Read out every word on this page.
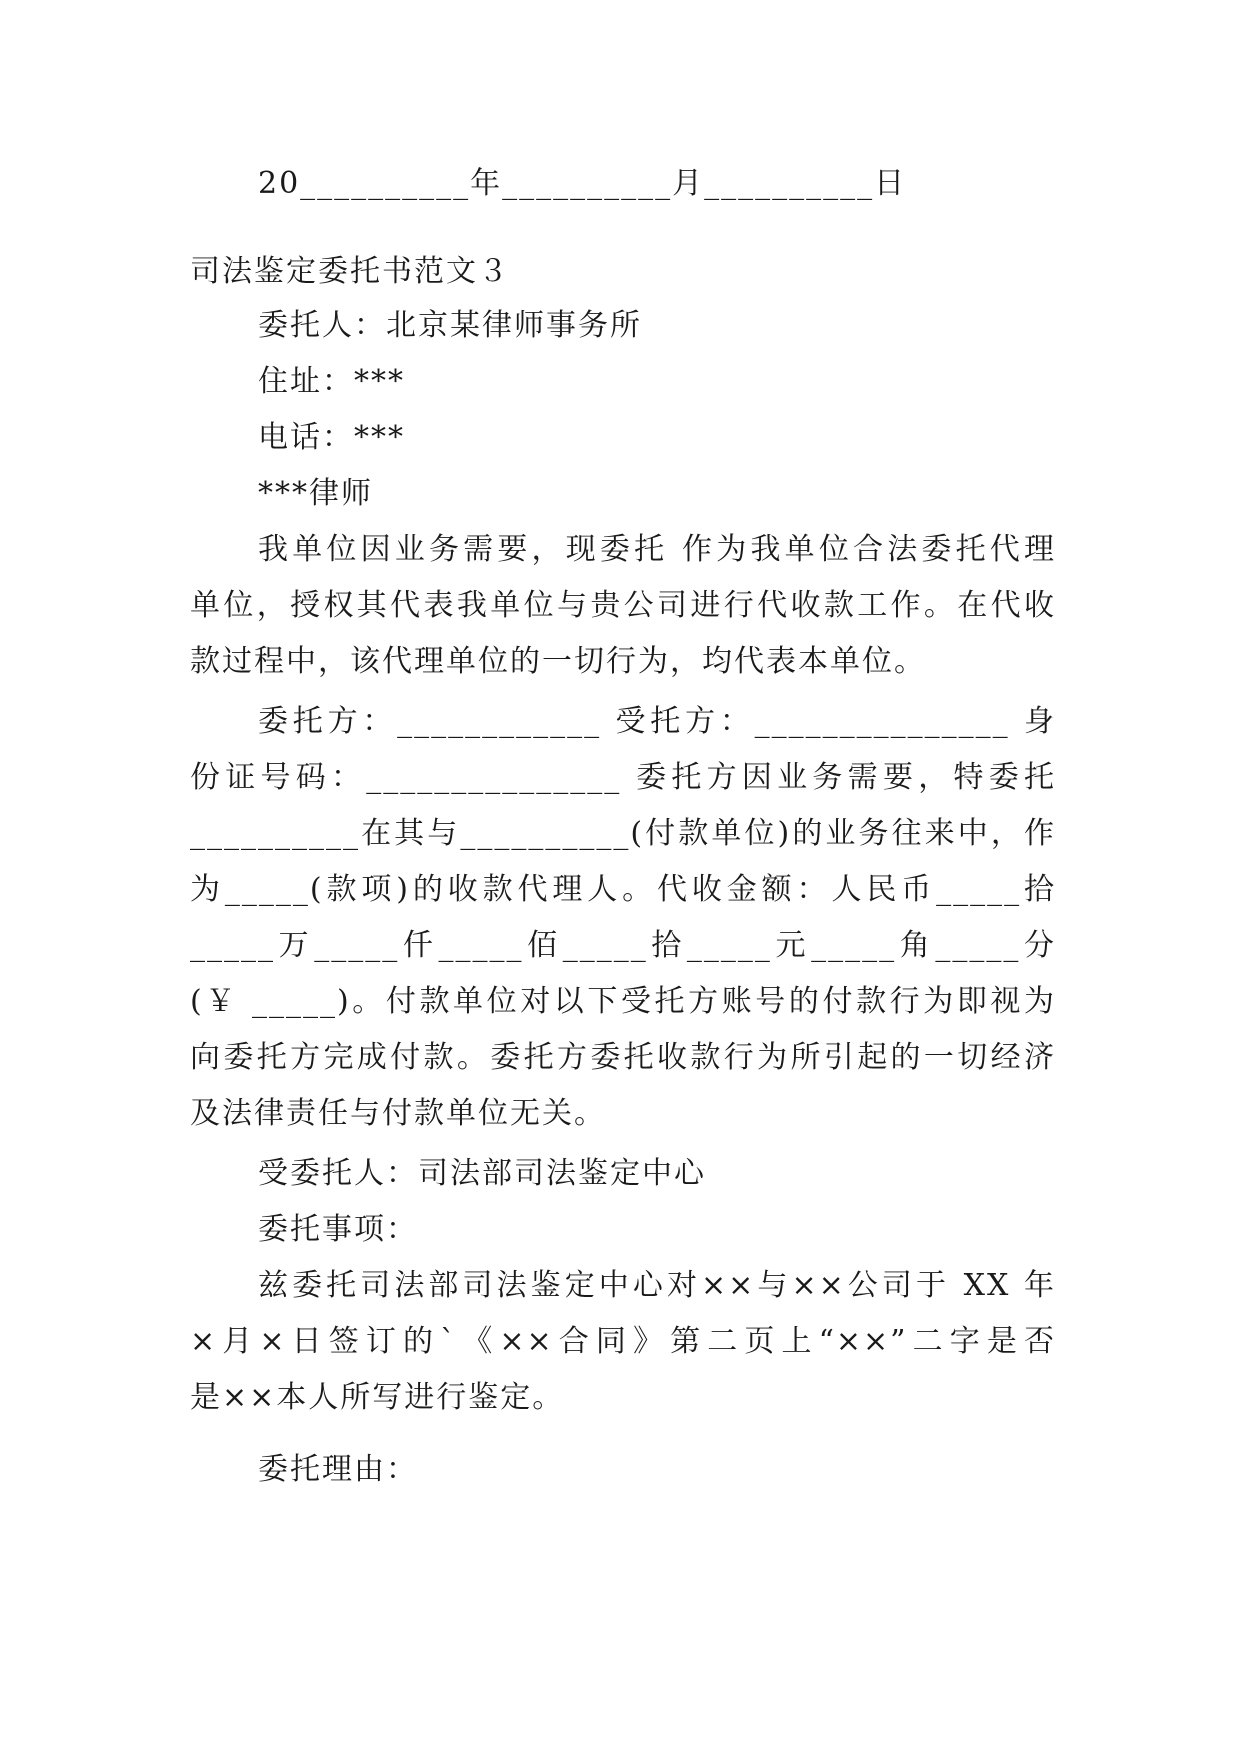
20__________年__________月__________日
司法鉴定委托书范文３
委托人：北京某律师事务所
住址：***
电话：***
***律师
我单位因业务需要，现委托 作为我单位合法委托代理
单位，授权其代表我单位与贵公司进行代收款工作。在代收
款过程中，该代理单位的一切行为，均代表本单位。
委托方：____________ 受托方：_______________ 身
份证号码：_______________ 委托方因业务需要，特委托
__________在其与__________(付款单位)的业务往来中，作
为_____(款项)的收款代理人。代收金额：人民币_____拾
_____万_____仟_____佰_____拾_____元_____角_____分
(￥ _____)。付款单位对以下受托方账号的付款行为即视为
向委托方完成付款。委托方委托收款行为所引起的一切经济
及法律责任与付款单位无关。
受委托人：司法部司法鉴定中心
委托事项：
兹委托司法部司法鉴定中心对××与××公司于 XX 年
×月×日签订的`《××合同》第二页上“××”二字是否
是××本人所写进行鉴定。
委托理由：
